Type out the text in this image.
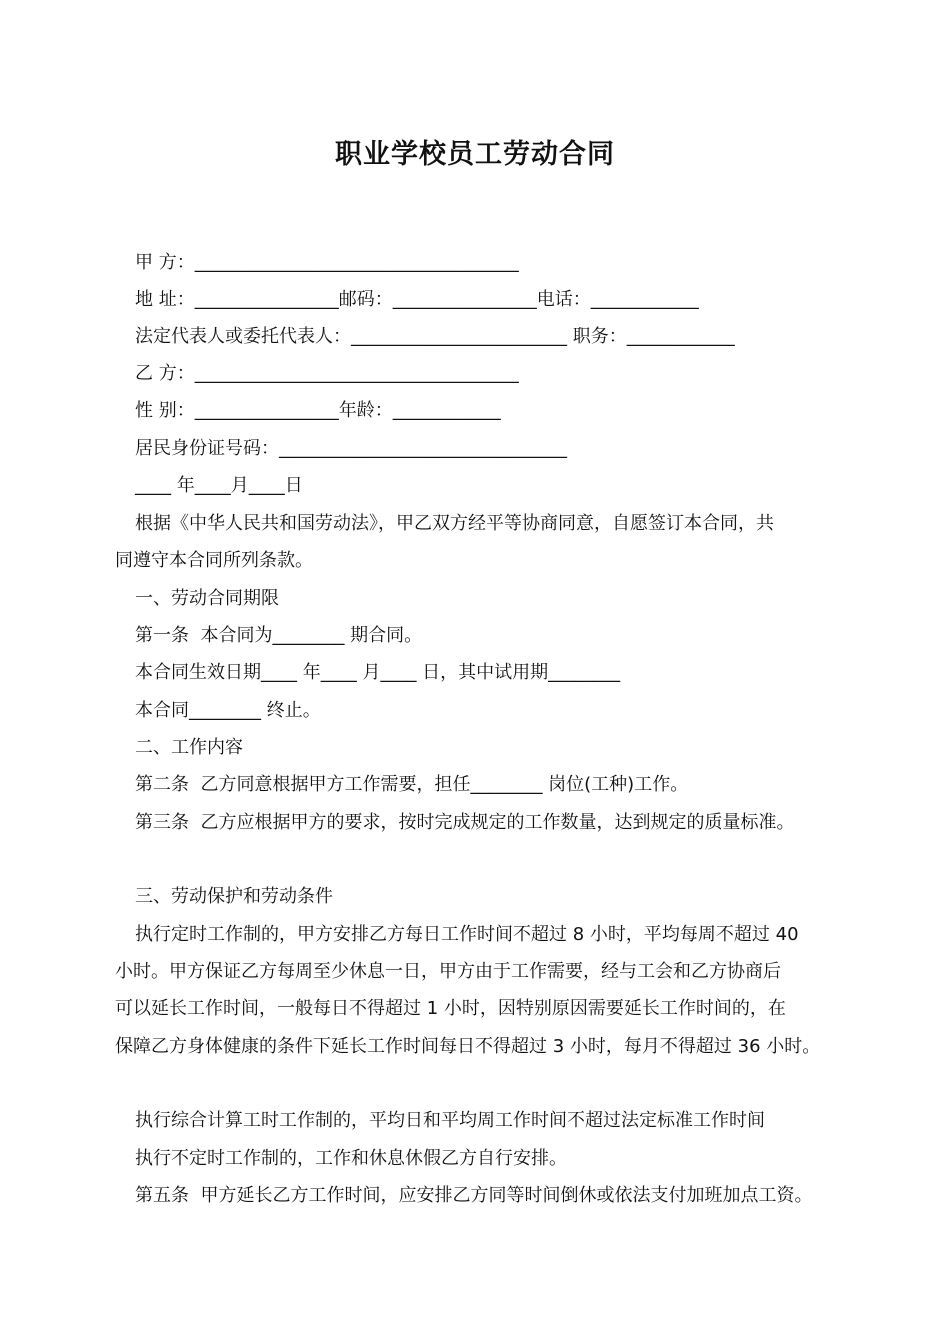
职业学校员工劳动合同
甲 方：____________________________________
地 址：________________邮码：________________电话：____________
法定代表人或委托代表人：________________________ 职务：____________
乙 方：____________________________________
性 别：________________年龄：____________
居民身份证号码：________________________________
____ 年____月____日
根据《中华人民共和国劳动法》，甲乙双方经平等协商同意，自愿签订本合同，共
同遵守本合同所列条款。
一、劳动合同期限
第一条  本合同为________ 期合同。
本合同生效日期____ 年____ 月____ 日，其中试用期________
本合同________ 终止。
二、工作内容
第二条  乙方同意根据甲方工作需要，担任________ 岗位(工种)工作。
第三条  乙方应根据甲方的要求，按时完成规定的工作数量，达到规定的质量标准。
三、劳动保护和劳动条件
执行定时工作制的，甲方安排乙方每日工作时间不超过 8 小时，平均每周不超过 40
小时。甲方保证乙方每周至少休息一日，甲方由于工作需要，经与工会和乙方协商后
可以延长工作时间，一般每日不得超过 1 小时，因特别原因需要延长工作时间的，在
保障乙方身体健康的条件下延长工作时间每日不得超过 3 小时，每月不得超过 36 小时。
执行综合计算工时工作制的，平均日和平均周工作时间不超过法定标准工作时间
执行不定时工作制的，工作和休息休假乙方自行安排。
第五条  甲方延长乙方工作时间，应安排乙方同等时间倒休或依法支付加班加点工资。
